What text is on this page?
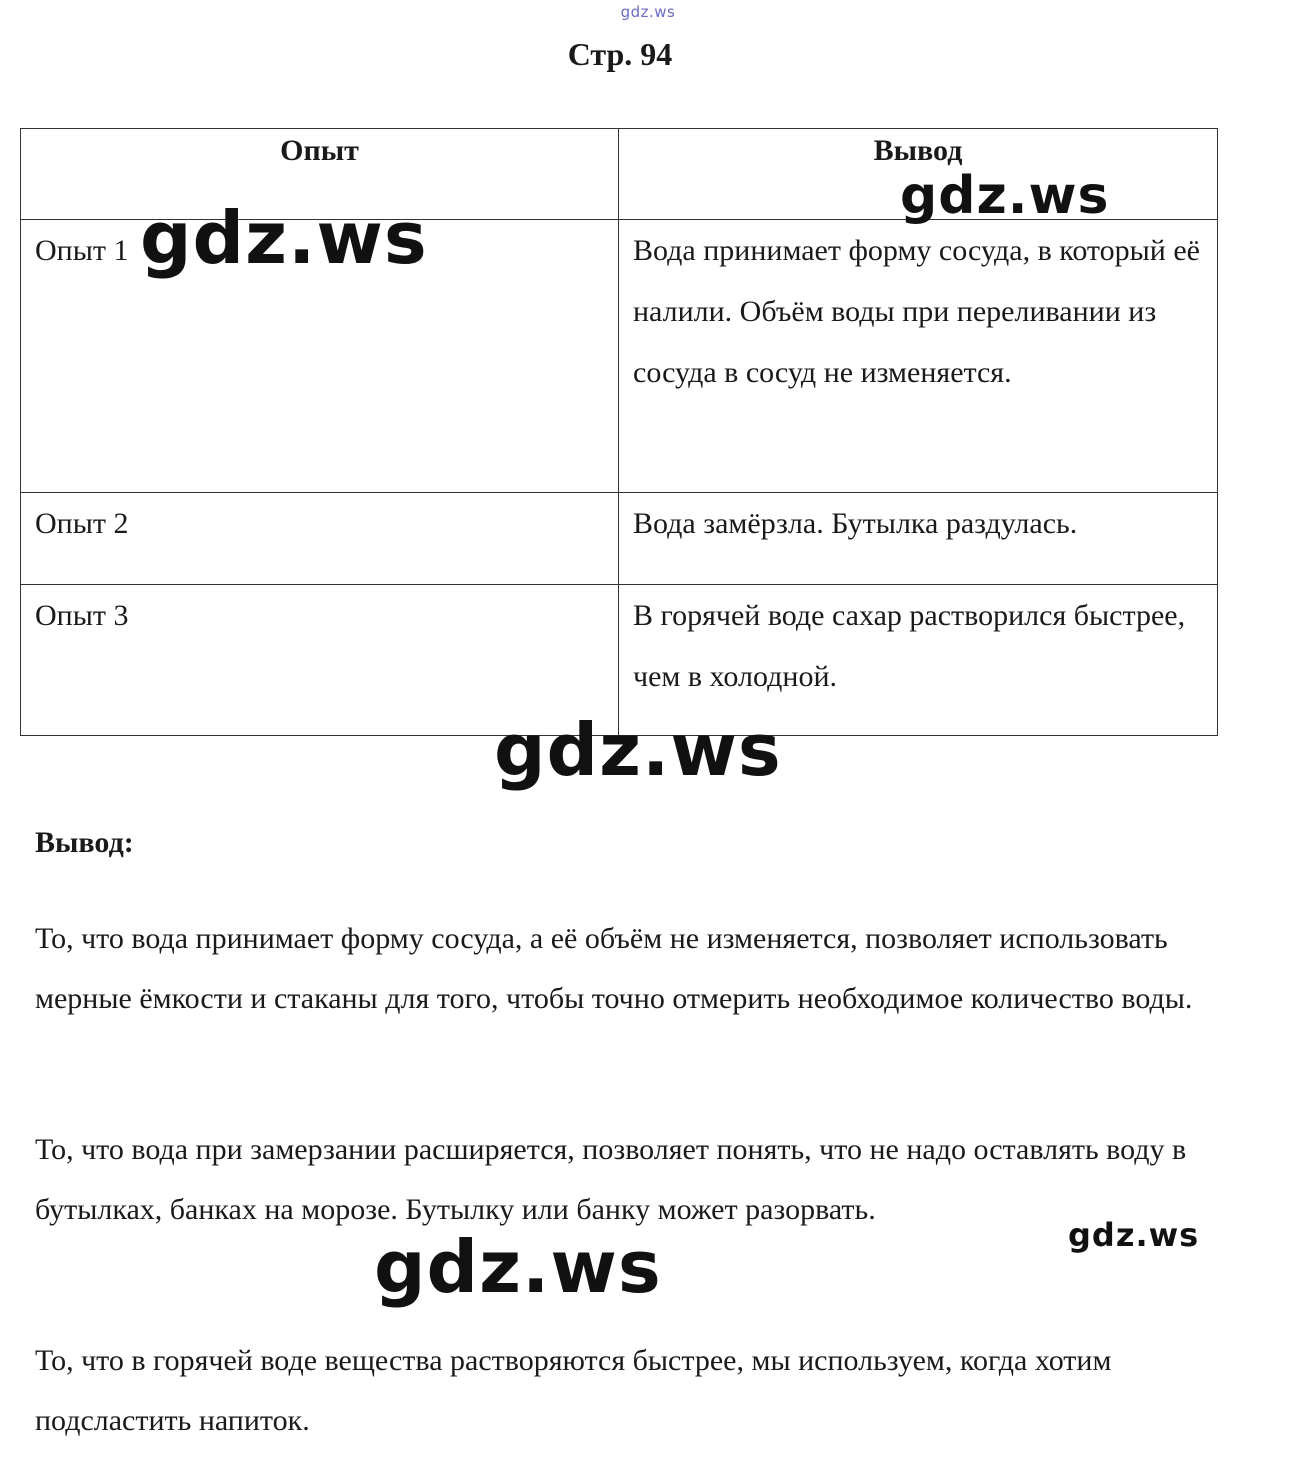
gdz.ws
Стр. 94
Опыт	Вывод
Опыт 1	Вода принимает форму сосуда, в который её налили. Объём воды при переливании из сосуда в сосуд не изменяется.
Опыт 2	Вода замёрзла. Бутылка раздулась.
Опыт 3	В горячей воде сахар растворился быстрее, чем в холодной.
Вывод:
То, что вода принимает форму сосуда, а её объём не изменяется, позволяет использовать мерные ёмкости и стаканы для того, чтобы точно отмерить необходимое количество воды.
То, что вода при замерзании расширяется, позволяет понять, что не надо оставлять воду в бутылках, банках на морозе. Бутылку или банку может разорвать.
То, что в горячей воде вещества растворяются быстрее, мы используем, когда хотим подсластить напиток.
gdz.ws	gdz.ws
gdz.ws
gdz.ws	gdz.ws
